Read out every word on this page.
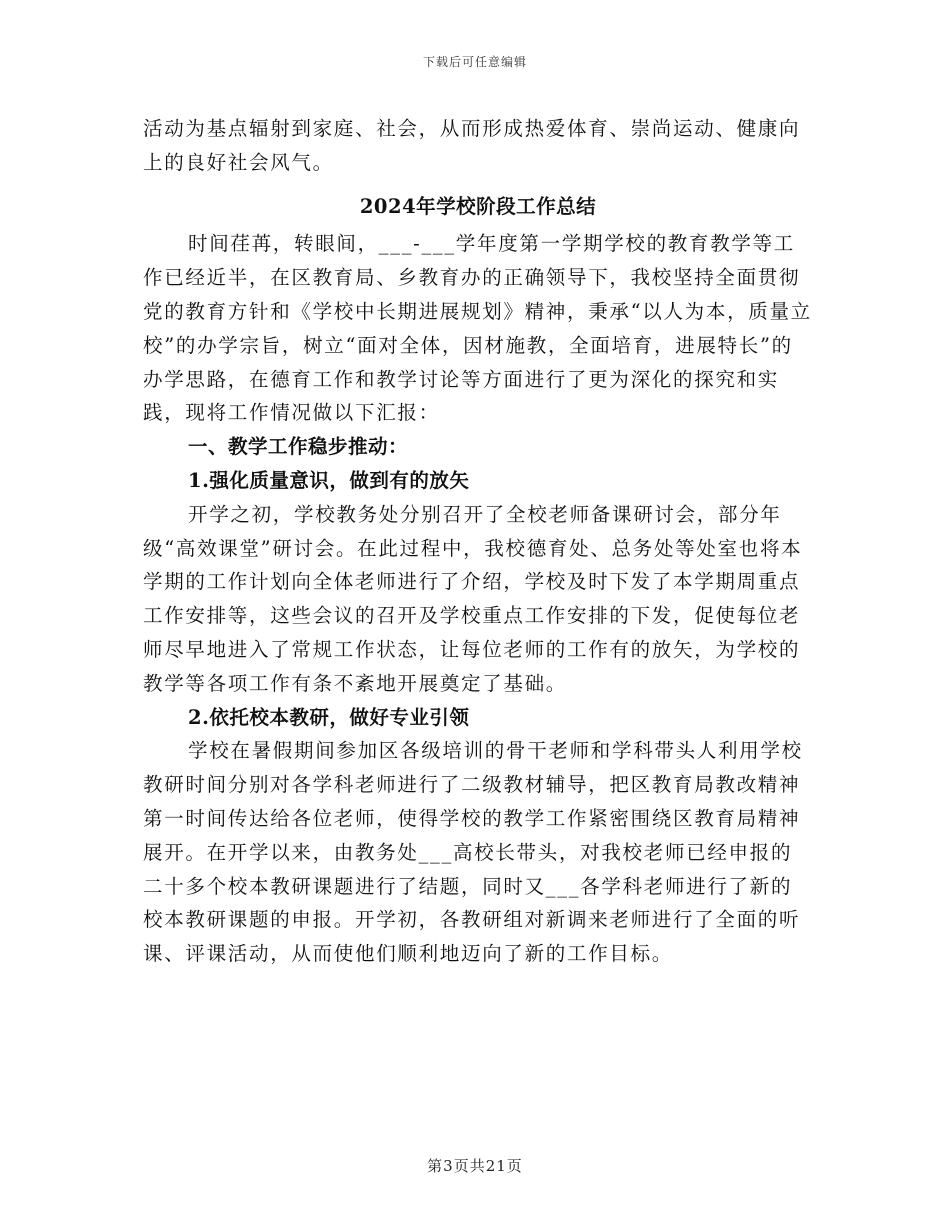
下载后可任意编辑

活动为基点辐射到家庭、社会，从而形成热爱体育、崇尚运动、健康向上的良好社会风气。

2024年学校阶段工作总结

时间荏苒，转眼间，___-___学年度第一学期学校的教育教学等工作已经近半，在区教育局、乡教育办的正确领导下，我校坚持全面贯彻党的教育方针和《学校中长期进展规划》精神，秉承“以人为本，质量立校”的办学宗旨，树立“面对全体，因材施教，全面培育，进展特长”的办学思路，在德育工作和教学讨论等方面进行了更为深化的探究和实践，现将工作情况做以下汇报：

一、教学工作稳步推动：

1.强化质量意识，做到有的放矢

开学之初，学校教务处分别召开了全校老师备课研讨会，部分年级“高效课堂”研讨会。在此过程中，我校德育处、总务处等处室也将本学期的工作计划向全体老师进行了介绍，学校及时下发了本学期周重点工作安排等，这些会议的召开及学校重点工作安排的下发，促使每位老师尽早地进入了常规工作状态，让每位老师的工作有的放矢，为学校的教学等各项工作有条不紊地开展奠定了基础。

2.依托校本教研，做好专业引领

学校在暑假期间参加区各级培训的骨干老师和学科带头人利用学校教研时间分别对各学科老师进行了二级教材辅导，把区教育局教改精神第一时间传达给各位老师，使得学校的教学工作紧密围绕区教育局精神展开。在开学以来，由教务处___高校长带头，对我校老师已经申报的二十多个校本教研课题进行了结题，同时又___各学科老师进行了新的校本教研课题的申报。开学初，各教研组对新调来老师进行了全面的听课、评课活动，从而使他们顺利地迈向了新的工作目标。

第3页共21页
